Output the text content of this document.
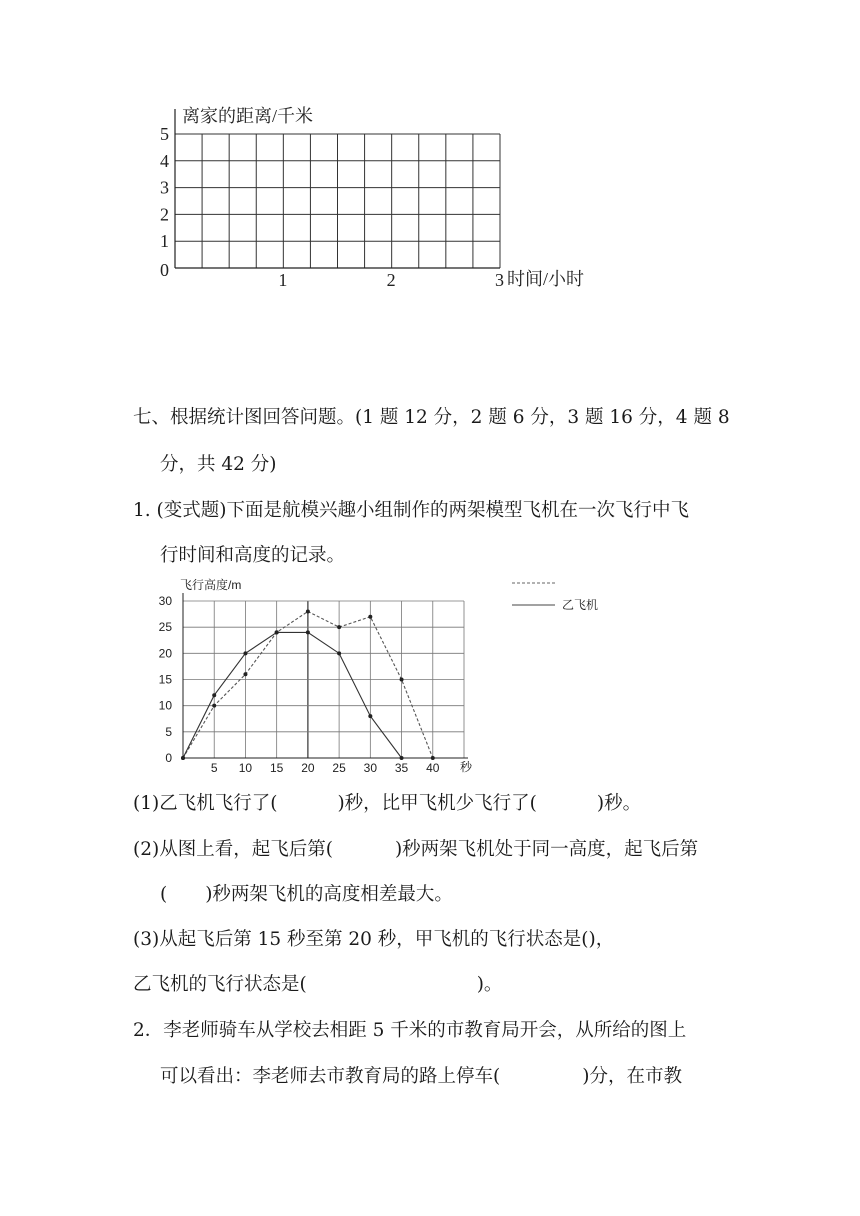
离家的距离/千米
0
1
2
3
4
5
1	2	3 时间/小时
七、根据统计图回答问题。(1 题 12 分，2 题 6 分，3 题 16 分，4 题 8
分，共 42 分)
1. (变式题)下面是航模兴趣小组制作的两架模型飞机在一次飞行中飞
行时间和高度的记录。
飞行高度/m
0
5
10
15
20
25
30
5 10 15 20 25 30 35 40 秒
乙飞机
(1)乙飞机飞行了(	)秒，比甲飞机少飞行了(	)秒。
(2)从图上看，起飞后第(	)秒两架飞机处于同一高度，起飞后第
( )秒两架飞机的高度相差最大。
(3)从起飞后第 15 秒至第 20 秒，甲飞机的飞行状态是()，
乙飞机的飞行状态是(	)。
2．李老师骑车从学校去相距 5 千米的市教育局开会，从所给的图上
可以看出：李老师去市教育局的路上停车(	)分，在市教
